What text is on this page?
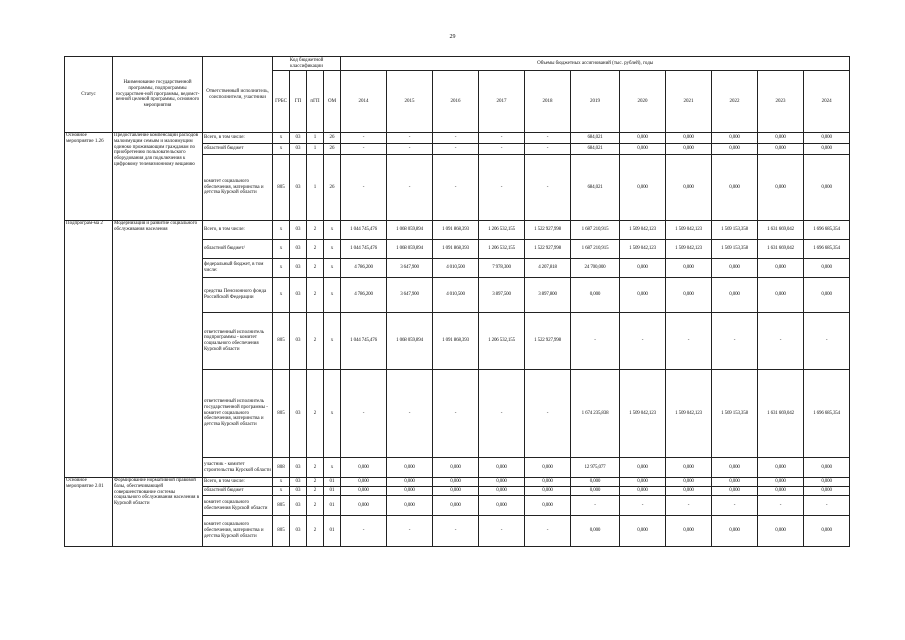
29
Статус	Наименование государственной программы, подпрограммы государствен-ной программы, ведомст-венной целевой программы, основного мероприятия	Ответственный исполнитель, соисполнители, участники	Код бюджетной классификации				Объемы бюджетных ассигнований (тыс. рублей), годы										
			ГРБС	ГП	пГП	ОМ	2014	2015	2016	2017	2018	2019	2020	2021	2022	2023	2024
Основное мероприятие 1.26	Предоставление компенсации расходов малоимущим семьям и малоимущим одиноко проживающим гражданам по приобретению пользовательского оборудования для подключения к цифровому телевизионному вещанию	Всего, в том числе:	x	03	1	26	-	-	-	-	-	684,021	0,000	0,000	0,000	0,000	0,000
		областной бюджет	x	03	1	26	-	-	-	-	-	684,021	0,000	0,000	0,000	0,000	0,000
		комитет социального обеспечения, материнства и детства Курской области	805	03	1	26	-	-	-	-	-	684,021	0,000	0,000	0,000	0,000	0,000
Подпрограм-ма 2	Модернизация и развитие социального обслуживания населения	Всего, в том числе:	x	03	2	x	1 044 745,476	1 068 059,894	1 091 868,393	1 206 532,155	1 522 927,998	1 687 210,915	1 509 042,123	1 509 042,123	1 569 153,358	1 631 669,042	1 696 685,354
		областной бюджет/	x	03	2	x	1 044 745,476	1 068 059,894	1 091 868,393	1 206 532,155	1 522 927,998	1 687 210,915	1 509 042,123	1 509 042,123	1 569 153,358	1 631 669,042	1 696 685,354
		федеральный бюджет, в том числе:	x	03	2	x	4 786,200	3 647,900	4 010,500	7 978,300	4 207,818	24 700,000	0,000	0,000	0,000	0,000	0,000
		средства Пенсионного фонда Российской Федерации	x	03	2	x	4 786,200	3 647,900	4 010,500	3 897,500	3 897,800	0,000	0,000	0,000	0,000	0,000	0,000
		ответственный исполнитель подпрограммы - комитет социального обеспечения Курской области	805	03	2	x	1 044 745,476	1 068 059,894	1 091 868,393	1 206 532,155	1 522 927,998	-	-	-	-	-	-
		ответственный исполнитель государственной программы - комитет социального обеспечения, материнства и детства Курской области	805	03	2	x	-	-	-	-	-	1 674 235,838	1 509 042,123	1 509 042,123	1 569 153,358	1 631 669,042	1 696 685,354
		участник - комитет строительства Курской области	808	03	2	x	0,000	0,000	0,000	0,000	0,000	12 975,077	0,000	0,000	0,000	0,000	0,000
Основное мероприятие 2.01	Формирование нормативной правовой базы, обеспечивающей совершенствование системы социального обслуживания населения в Курской области	Всего, в том числе:	x	03	2	01	0,000	0,000	0,000	0,000	0,000	0,000	0,000	0,000	0,000	0,000	0,000
		областной бюджет	x	03	2	01	0,000	0,000	0,000	0,000	0,000	0,000	0,000	0,000	0,000	0,000	0,000
		комитет социального обеспечения Курской области	805	03	2	01	0,000	0,000	0,000	0,000	0,000	-	-	-	-	-	-
		комитет социального обеспечения, материнства и детства Курской области	805	03	2	01	-	-	-	-	-	0,000	0,000	0,000	0,000	0,000	0,000
